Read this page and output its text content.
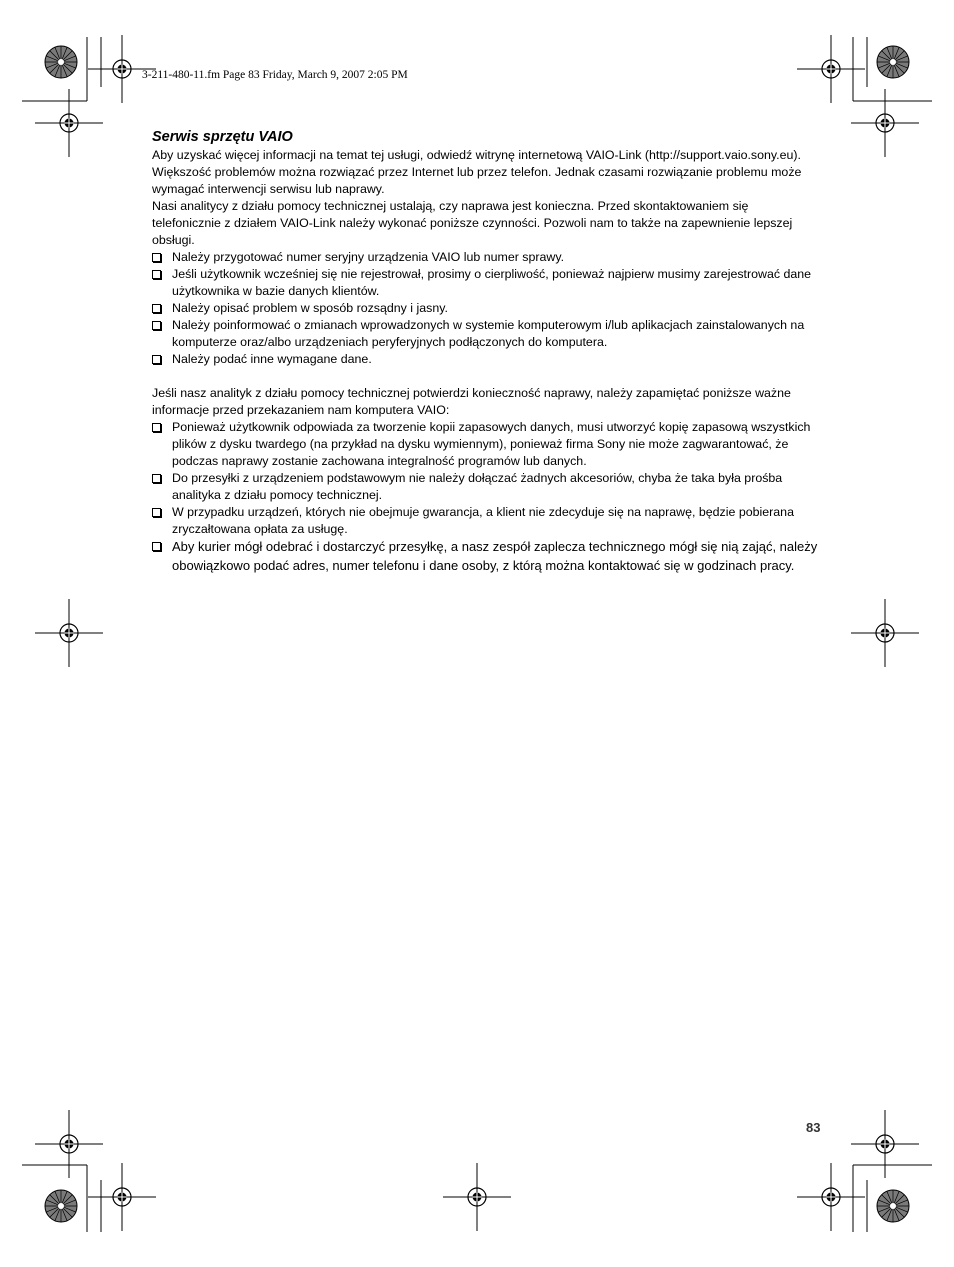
3-211-480-11.fm Page 83 Friday, March 9, 2007 2:05 PM
Serwis sprzętu VAIO

Aby uzyskać więcej informacji na temat tej usługi, odwiedź witrynę internetową VAIO-Link (http://support.vaio.sony.eu). Większość problemów można rozwiązać przez Internet lub przez telefon. Jednak czasami rozwiązanie problemu może wymagać interwencji serwisu lub naprawy.

Nasi analitycy z działu pomocy technicznej ustalają, czy naprawa jest konieczna. Przed skontaktowaniem się telefonicznie z działem VAIO-Link należy wykonać poniższe czynności. Pozwoli nam to także na zapewnienie lepszej obsługi.

Należy przygotować numer seryjny urządzenia VAIO lub numer sprawy.
Jeśli użytkownik wcześniej się nie rejestrował, prosimy o cierpliwość, ponieważ najpierw musimy zarejestrować dane użytkownika w bazie danych klientów.
Należy opisać problem w sposób rozsądny i jasny.
Należy poinformować o zmianach wprowadzonych w systemie komputerowym i/lub aplikacjach zainstalowanych na komputerze oraz/albo urządzeniach peryferyjnych podłączonych do komputera.
Należy podać inne wymagane dane.

Jeśli nasz analityk z działu pomocy technicznej potwierdzi konieczność naprawy, należy zapamiętać poniższe ważne informacje przed przekazaniem nam komputera VAIO:

Ponieważ użytkownik odpowiada za tworzenie kopii zapasowych danych, musi utworzyć kopię zapasową wszystkich plików z dysku twardego (na przykład na dysku wymiennym), ponieważ firma Sony nie może zagwarantować, że podczas naprawy zostanie zachowana integralność programów lub danych.
Do przesyłki z urządzeniem podstawowym nie należy dołączać żadnych akcesoriów, chyba że taka była prośba analityka z działu pomocy technicznej.
W przypadku urządzeń, których nie obejmuje gwarancja, a klient nie zdecyduje się na naprawę, będzie pobierana zryczałtowana opłata za usługę.
Aby kurier mógł odebrać i dostarczyć przesyłkę, a nasz zespół zaplecza technicznego mógł się nią zająć, należy obowiązkowo podać adres, numer telefonu i dane osoby, z którą można kontaktować się w godzinach pracy.
83
